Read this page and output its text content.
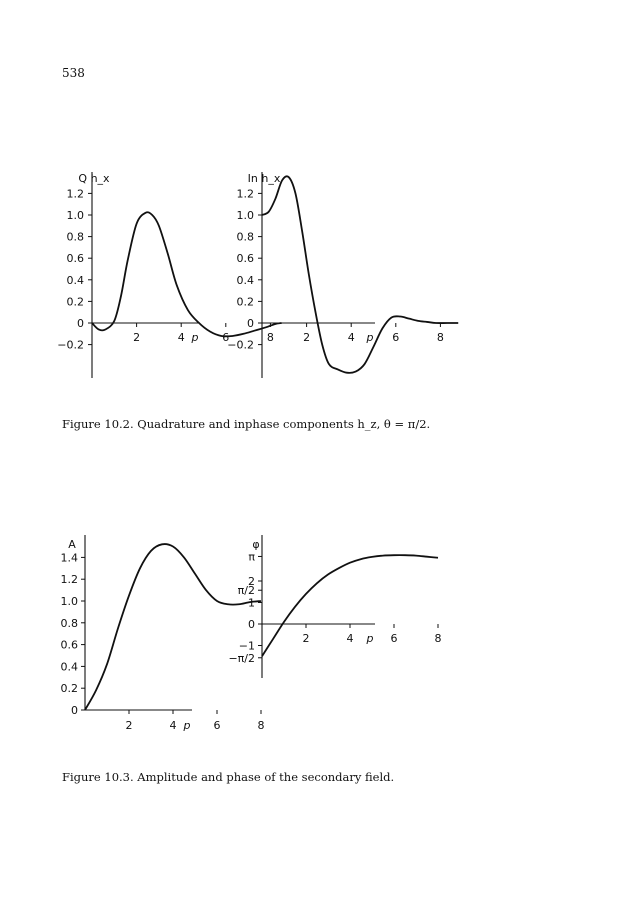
538
1.2
1.0
0.8
0.6
0.4
0.2
0
−0.2
2	4	6	8
p
Q h_x
1.2
1.0
0.8
0.6
0.4
0.2
0
−0.2
2	4	6	8
p
In h_x
1.4
1.2
1.0
0.8
0.6
0.4
0.2
0
2	4	6	8
p
A
π
2
π/2
1
0
−1
−π/2
2	4	6	8
p
φ
Figure 10.2. Quadrature and inphase components h_z, θ = π/2.
Figure 10.3. Amplitude and phase of the secondary field.
